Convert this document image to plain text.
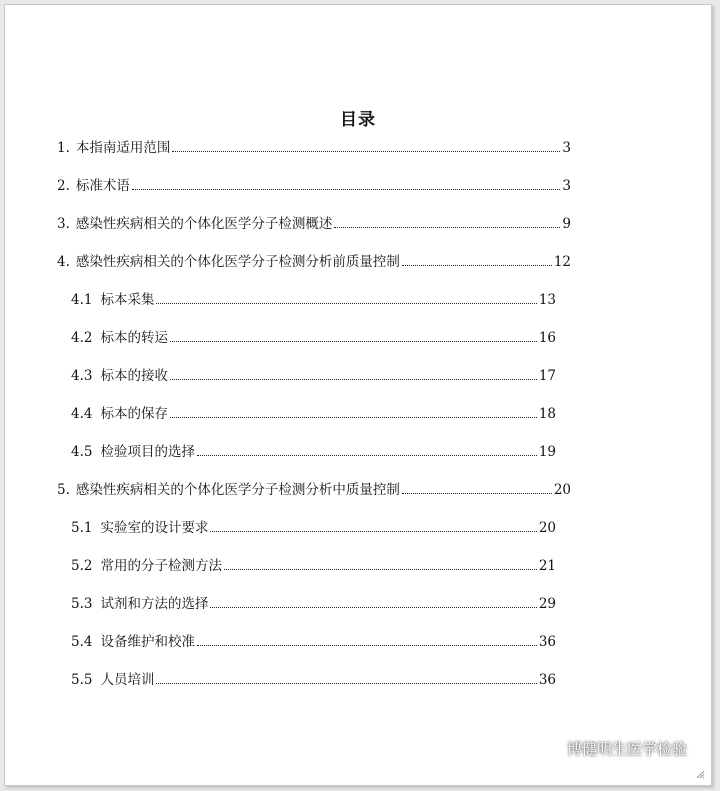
目录
1. 本指南适用范围	3
2. 标准术语	3
3. 感染性疾病相关的个体化医学分子检测概述	9
4. 感染性疾病相关的个体化医学分子检测分析前质量控制	12
4.1 标本采集	13
4.2 标本的转运	16
4.3 标本的接收	17
4.4 标本的保存	18
4.5 检验项目的选择	19
5. 感染性疾病相关的个体化医学分子检测分析中质量控制	20
5.1 实验室的设计要求	20
5.2 常用的分子检测方法	21
5.3 试剂和方法的选择	29
5.4 设备维护和校准	36
5.5 人员培训	36
博健明生医学检验
